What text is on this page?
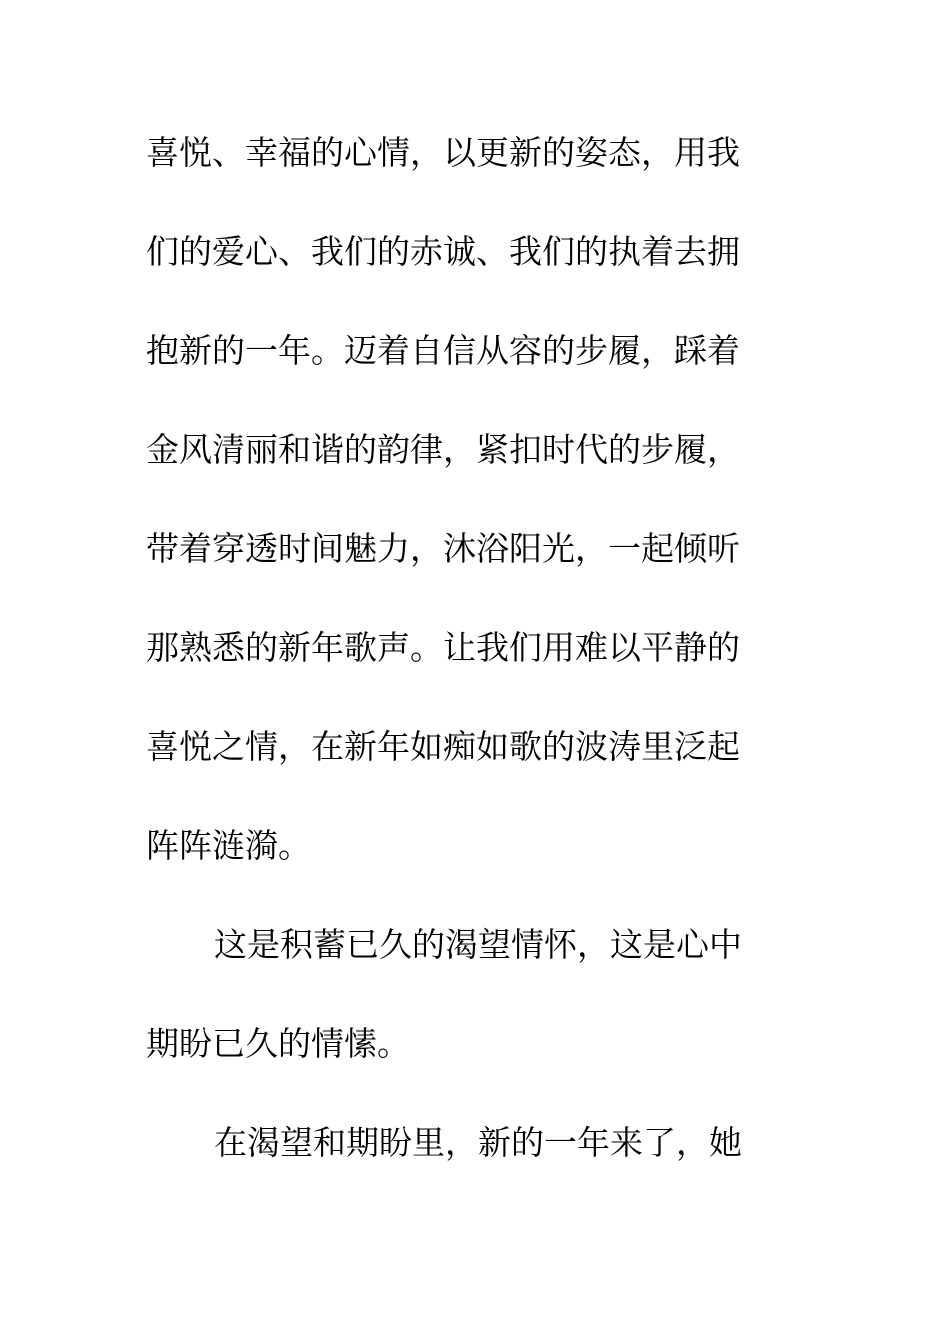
喜悦、幸福的心情，以更新的姿态，用我
们的爱心、我们的赤诚、我们的执着去拥
抱新的一年。迈着自信从容的步履，踩着
金风清丽和谐的韵律，紧扣时代的步履，
带着穿透时间魅力，沐浴阳光，一起倾听
那熟悉的新年歌声。让我们用难以平静的
喜悦之情，在新年如痴如歌的波涛里泛起
阵阵涟漪。
这是积蓄已久的渴望情怀，这是心中
期盼已久的情愫。
在渴望和期盼里，新的一年来了，她
